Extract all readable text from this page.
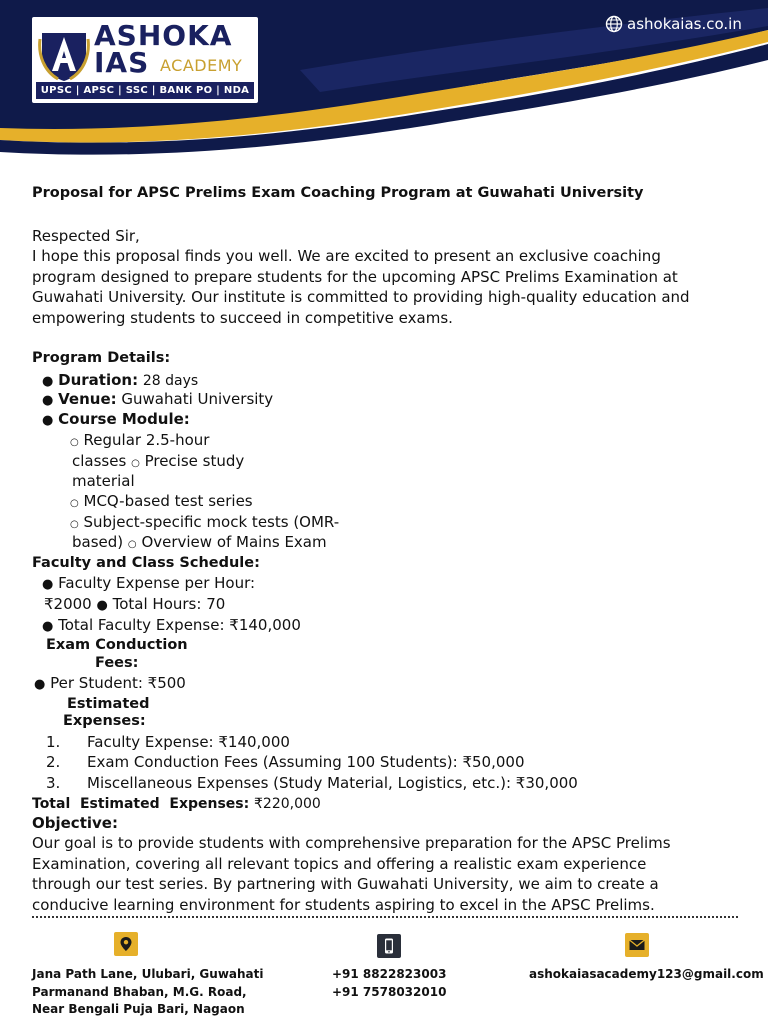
ASHOKA
IAS ACADEMY
UPSC | APSC | SSC | BANK PO | NDA
ashokaias.co.in
Proposal for APSC Prelims Exam Coaching Program at Guwahati University
Respected Sir,
I hope this proposal finds you well. We are excited to present an exclusive coaching
program designed to prepare students for the upcoming APSC Prelims Examination at
Guwahati University. Our institute is committed to providing high-quality education and
empowering students to succeed in competitive exams.
Program Details:
● Duration: 28 days
● Venue: Guwahati University
● Course Module:
○ Regular 2.5-hour
classes ○ Precise study
material
○ MCQ-based test series
○ Subject-specific mock tests (OMR-
based) ○ Overview of Mains Exam
Faculty and Class Schedule:
● Faculty Expense per Hour:
₹2000 ● Total Hours: 70
● Total Faculty Expense: ₹140,000
Exam Conduction
Fees:
● Per Student: ₹500
Estimated
Expenses:
1. Faculty Expense: ₹140,000
2. Exam Conduction Fees (Assuming 100 Students): ₹50,000
3. Miscellaneous Expenses (Study Material, Logistics, etc.): ₹30,000
Total  Estimated  Expenses: ₹220,000
Objective:
Our goal is to provide students with comprehensive preparation for the APSC Prelims
Examination, covering all relevant topics and offering a realistic exam experience
through our test series. By partnering with Guwahati University, we aim to create a
conducive learning environment for students aspiring to excel in the APSC Prelims.
Jana Path Lane, Ulubari, Guwahati
Parmanand Bhaban, M.G. Road,
Near Bengali Puja Bari, Nagaon
+91 8822823003
+91 7578032010
ashokaiasacademy123@gmail.com
